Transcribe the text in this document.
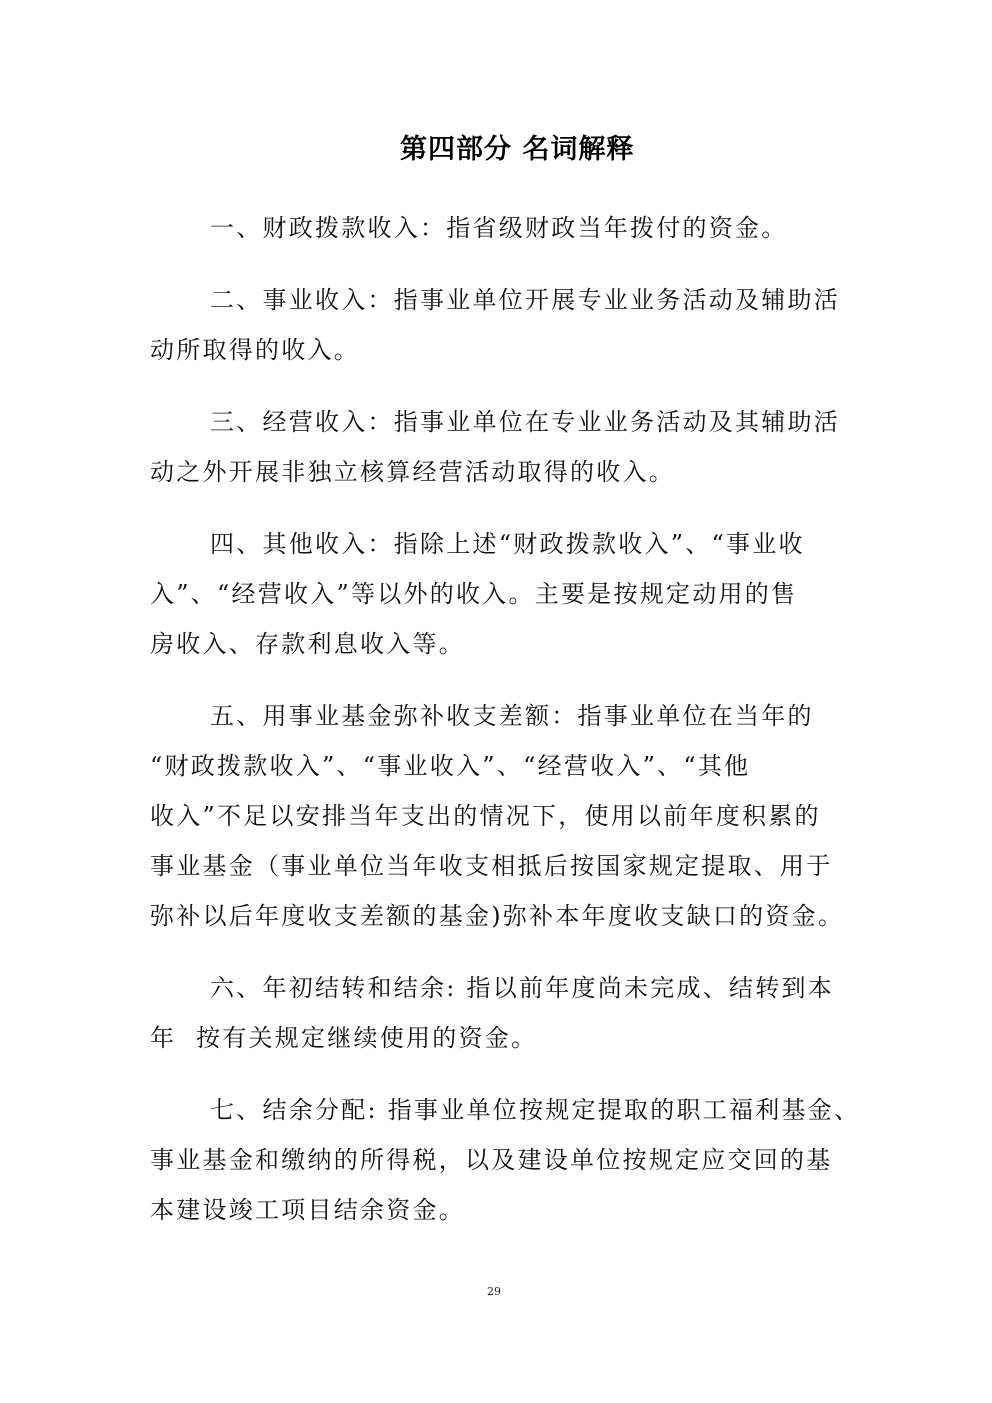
第四部分 名词解释
一、财政拨款收入：指省级财政当年拨付的资金。
二、事业收入：指事业单位开展专业业务活动及辅助活
动所取得的收入。
三、经营收入：指事业单位在专业业务活动及其辅助活
动之外开展非独立核算经营活动取得的收入。
四、其他收入：指除上述“财政拨款收入”、“事业收
入”、“经营收入”等以外的收入。主要是按规定动用的售
房收入、存款利息收入等。
五、用事业基金弥补收支差额：指事业单位在当年的
“财政拨款收入”、“事业收入”、“经营收入”、“其他
收入”不足以安排当年支出的情况下，使用以前年度积累的
事业基金（事业单位当年收支相抵后按国家规定提取、用于
弥补以后年度收支差额的基金)弥补本年度收支缺口的资金。
六、年初结转和结余: 指以前年度尚未完成、结转到本
年  按有关规定继续使用的资金。
七、结余分配: 指事业单位按规定提取的职工福利基金、
事业基金和缴纳的所得税，以及建设单位按规定应交回的基
本建设竣工项目结余资金。
29
